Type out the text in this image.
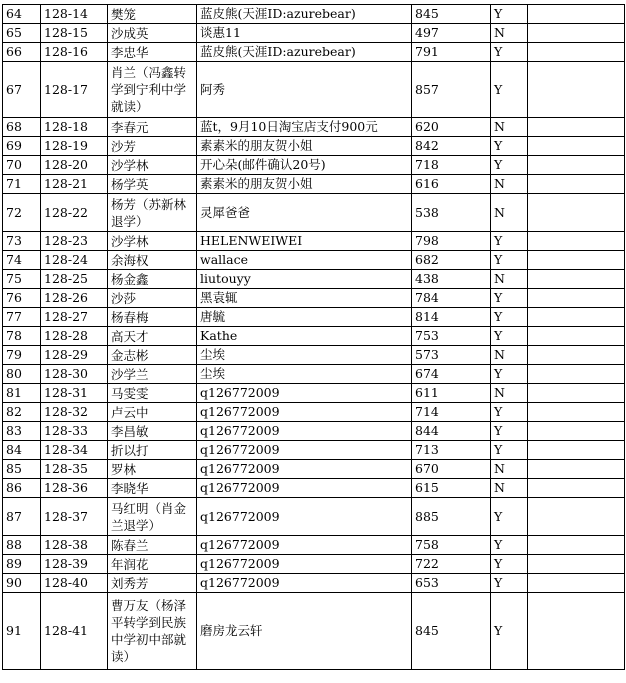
64	128-14	樊笼	蓝皮熊(天涯ID:azurebear)	845	Y	
65	128-15	沙成英	谈惠11	497	N	
66	128-16	李忠华	蓝皮熊(天涯ID:azurebear)	791	Y	
67	128-17	肖兰（冯鑫转学到宁利中学就读）	阿秀	857	Y	
68	128-18	李春元	蓝t，9月10日淘宝店支付900元	620	N	
69	128-19	沙芳	素素米的朋友贺小姐	842	Y	
70	128-20	沙学林	开心朵(邮件确认20号)	718	Y	
71	128-21	杨学英	素素米的朋友贺小姐	616	N	
72	128-22	杨芳（苏新林退学）	灵犀爸爸	538	N	
73	128-23	沙学林	HELENWEIWEI	798	Y	
74	128-24	余海权	wallace	682	Y	
75	128-25	杨金鑫	liutouyy	438	N	
76	128-26	沙莎	黑袁辄	784	Y	
77	128-27	杨春梅	唐毓	814	Y	
78	128-28	高天才	Kathe	753	Y	
79	128-29	金志彬	尘埃	573	N	
80	128-30	沙学兰	尘埃	674	Y	
81	128-31	马雯雯	q126772009	611	N	
82	128-32	卢云中	q126772009	714	Y	
83	128-33	李昌敏	q126772009	844	Y	
84	128-34	折以打	q126772009	713	Y	
85	128-35	罗林	q126772009	670	N	
86	128-36	李晓华	q126772009	615	N	
87	128-37	马红明（肖金兰退学）	q126772009	885	Y	
88	128-38	陈春兰	q126772009	758	Y	
89	128-39	年润花	q126772009	722	Y	
90	128-40	刘秀芳	q126772009	653	Y	
91	128-41	曹万友（杨泽平转学到民族中学初中部就读）	磨房龙云轩	845	Y	
